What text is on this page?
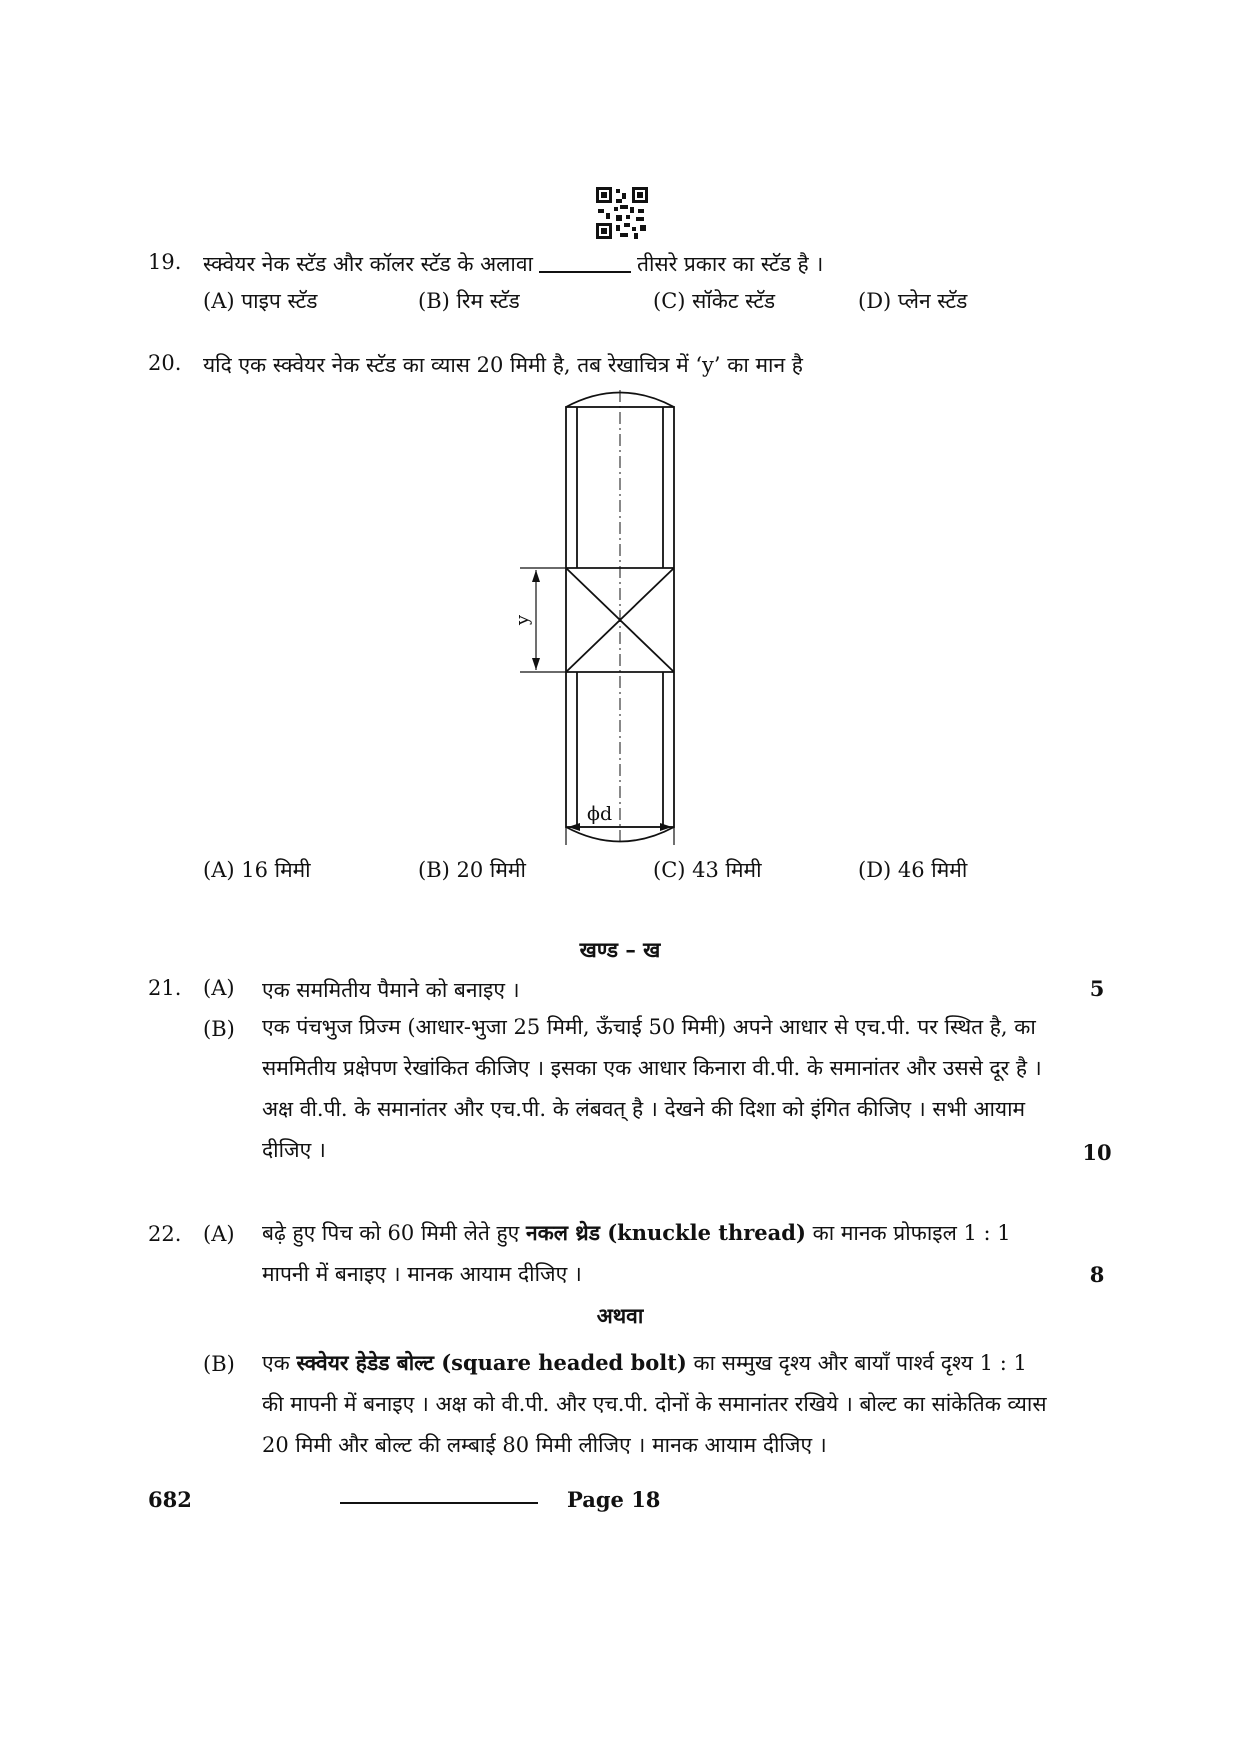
19. स्क्वेयर नेक स्टॅड और कॉलर स्टॅड के अलावा	तीसरे प्रकार का स्टॅड है ।
(A) पाइप स्टॅड	(B) रिम स्टॅड	(C) सॉकेट स्टॅड	(D) प्लेन स्टॅड
20. यदि एक स्क्वेयर नेक स्टॅड का व्यास 20 मिमी है, तब रेखाचित्र में ‘y’ का मान है
y
ϕd
(A) 16 मिमी	(B) 20 मिमी	(C) 43 मिमी	(D) 46 मिमी
खण्ड – ख
21. (A) एक सममितीय पैमाने को बनाइए ।	5
(B) एक पंचभुज प्रिज्म (आधार-भुजा 25 मिमी, ऊँचाई 50 मिमी) अपने आधार से एच.पी. पर स्थित है, का सममितीय प्रक्षेपण रेखांकित कीजिए । इसका एक आधार किनारा वी.पी. के समानांतर और उससे दूर है । अक्ष वी.पी. के समानांतर और एच.पी. के लंबवत् है । देखने की दिशा को इंगित कीजिए । सभी आयाम दीजिए ।	10
22. (A) बढ़े हुए पिच को 60 मिमी लेते हुए नकल थ्रेड (knuckle thread) का मानक प्रोफाइल 1 : 1 मापनी में बनाइए । मानक आयाम दीजिए ।	8
अथवा
(B) एक स्क्वेयर हेडेड बोल्ट (square headed bolt) का सम्मुख दृश्य और बायाँ पार्श्व दृश्य 1 : 1 की मापनी में बनाइए । अक्ष को वी.पी. और एच.पी. दोनों के समानांतर रखिये । बोल्ट का सांकेतिक व्यास 20 मिमी और बोल्ट की लम्बाई 80 मिमी लीजिए । मानक आयाम दीजिए ।
682	Page 18
